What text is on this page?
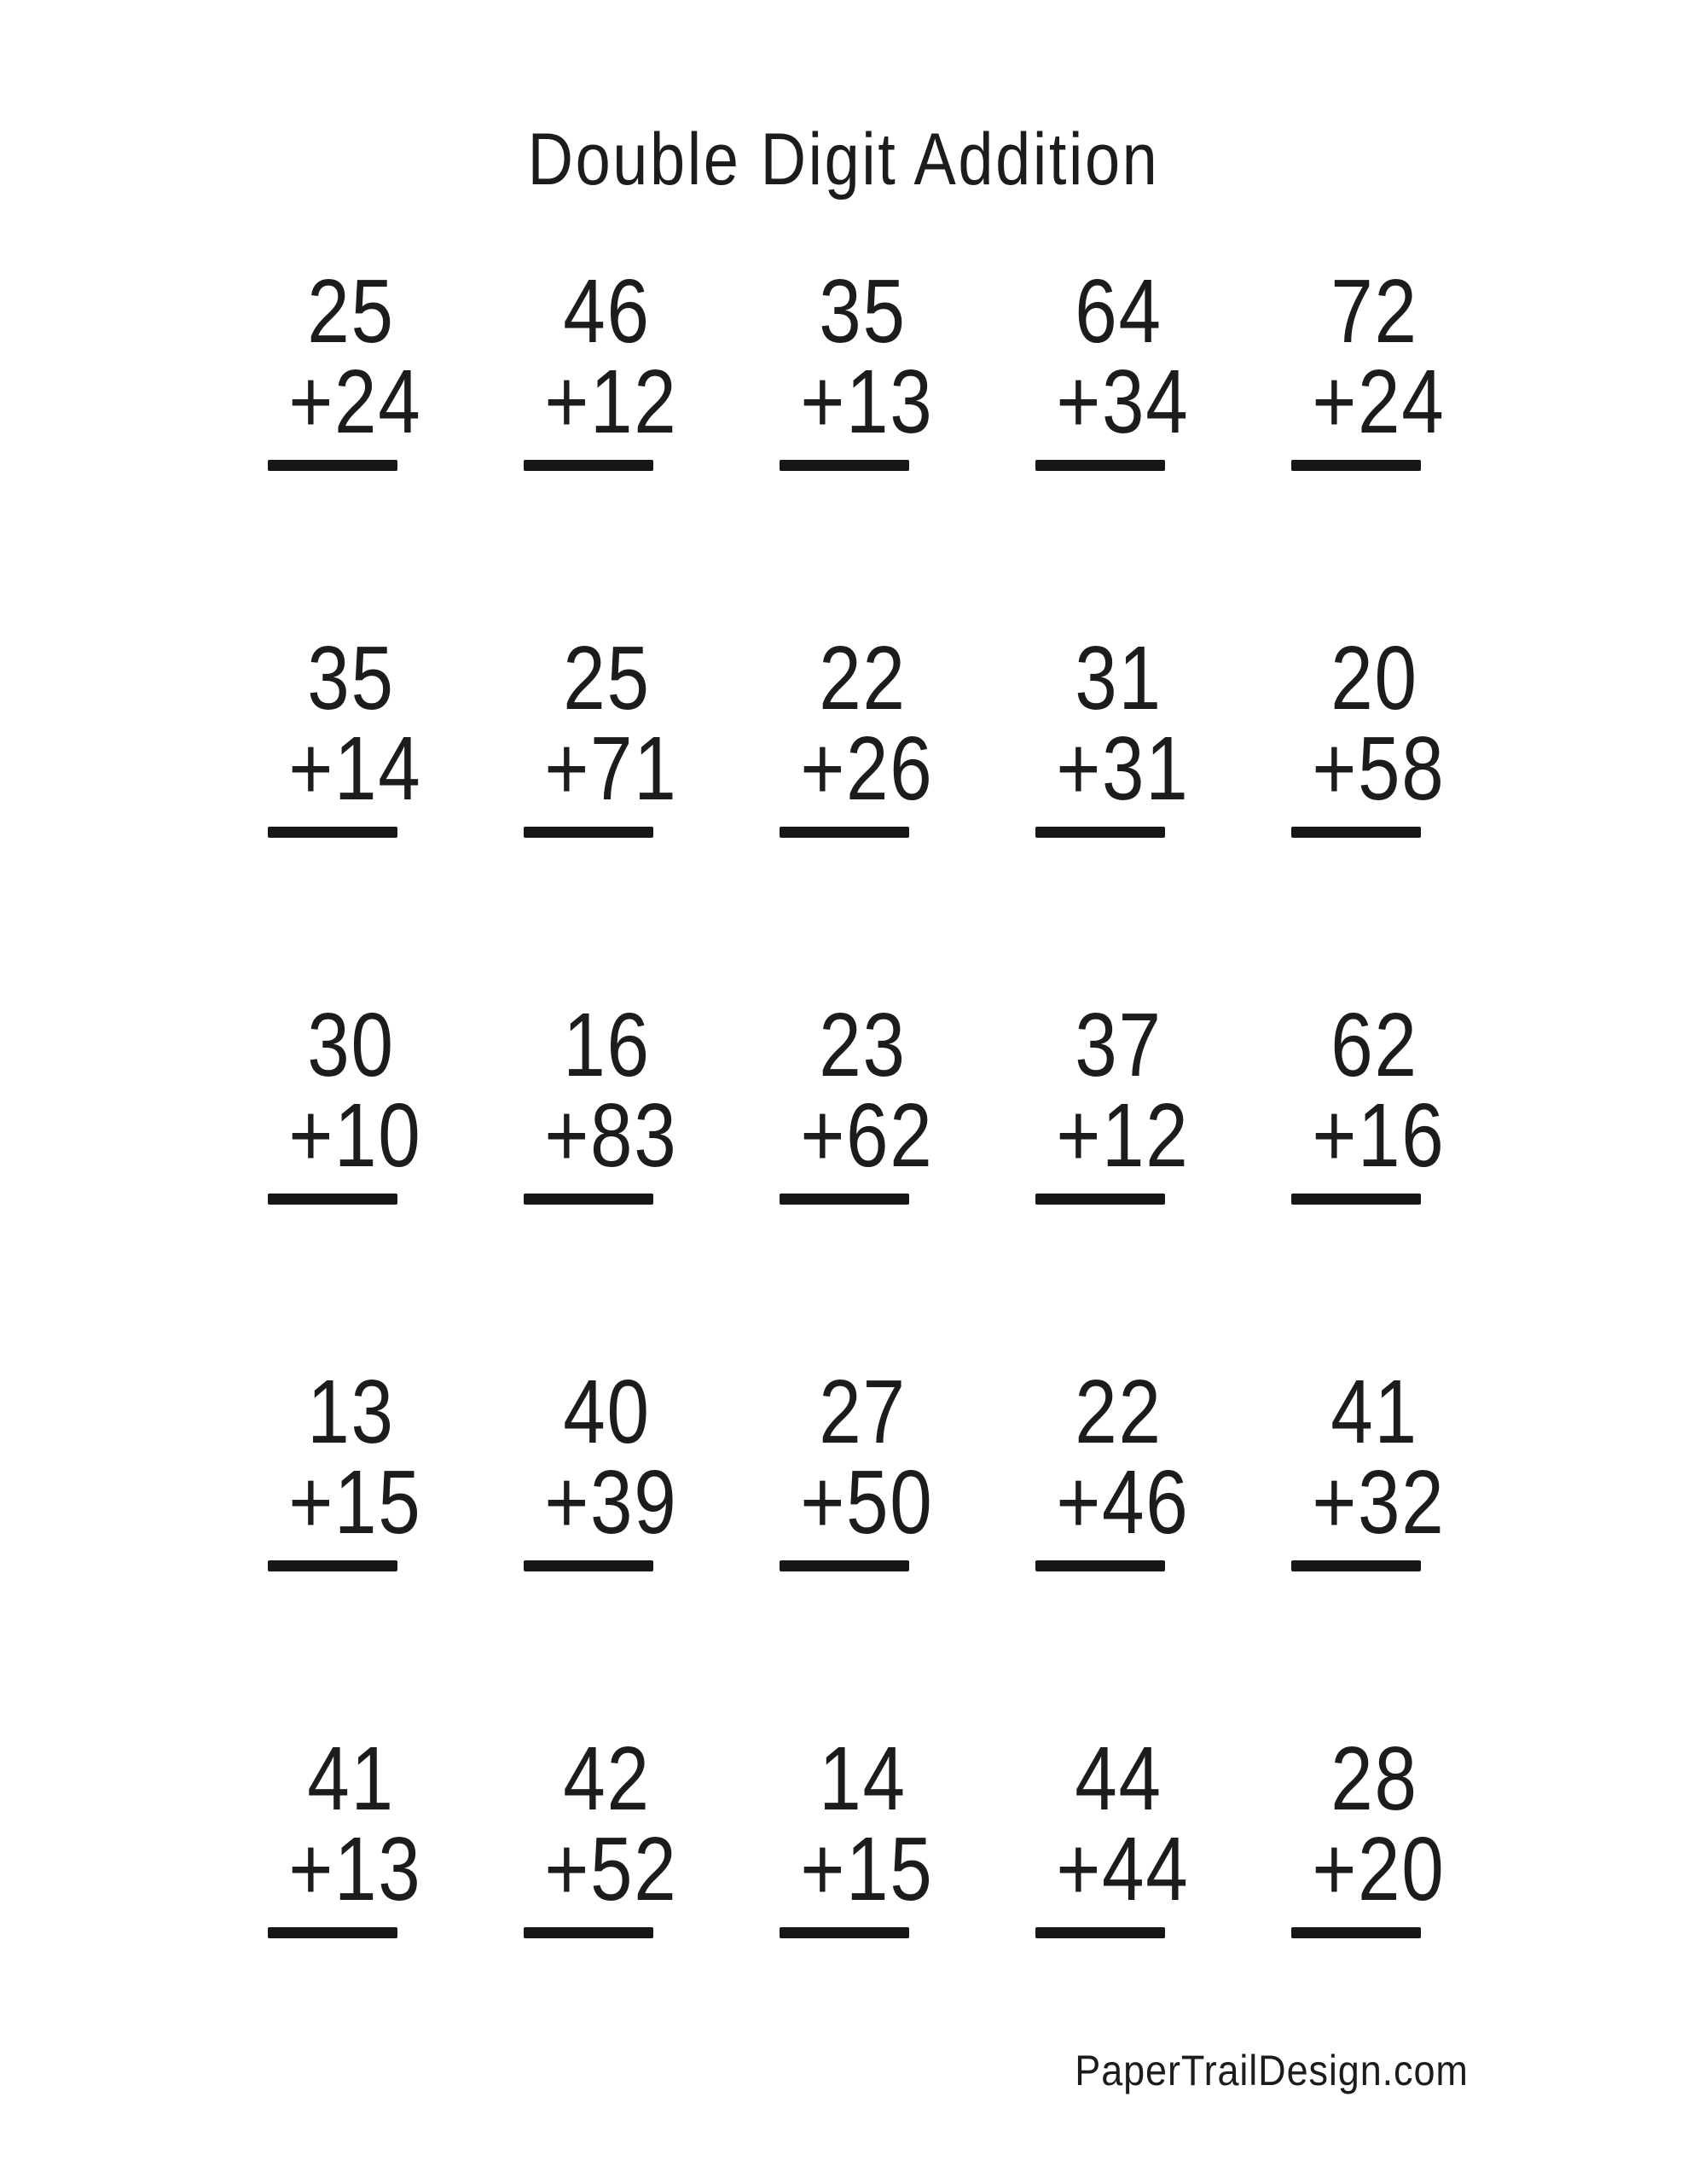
Double Digit Addition
25
+24
46
+12
35
+13
64
+34
72
+24
35
+14
25
+71
22
+26
31
+31
20
+58
30
+10
16
+83
23
+62
37
+12
62
+16
13
+15
40
+39
27
+50
22
+46
41
+32
41
+13
42
+52
14
+15
44
+44
28
+20
PaperTrailDesign.com
